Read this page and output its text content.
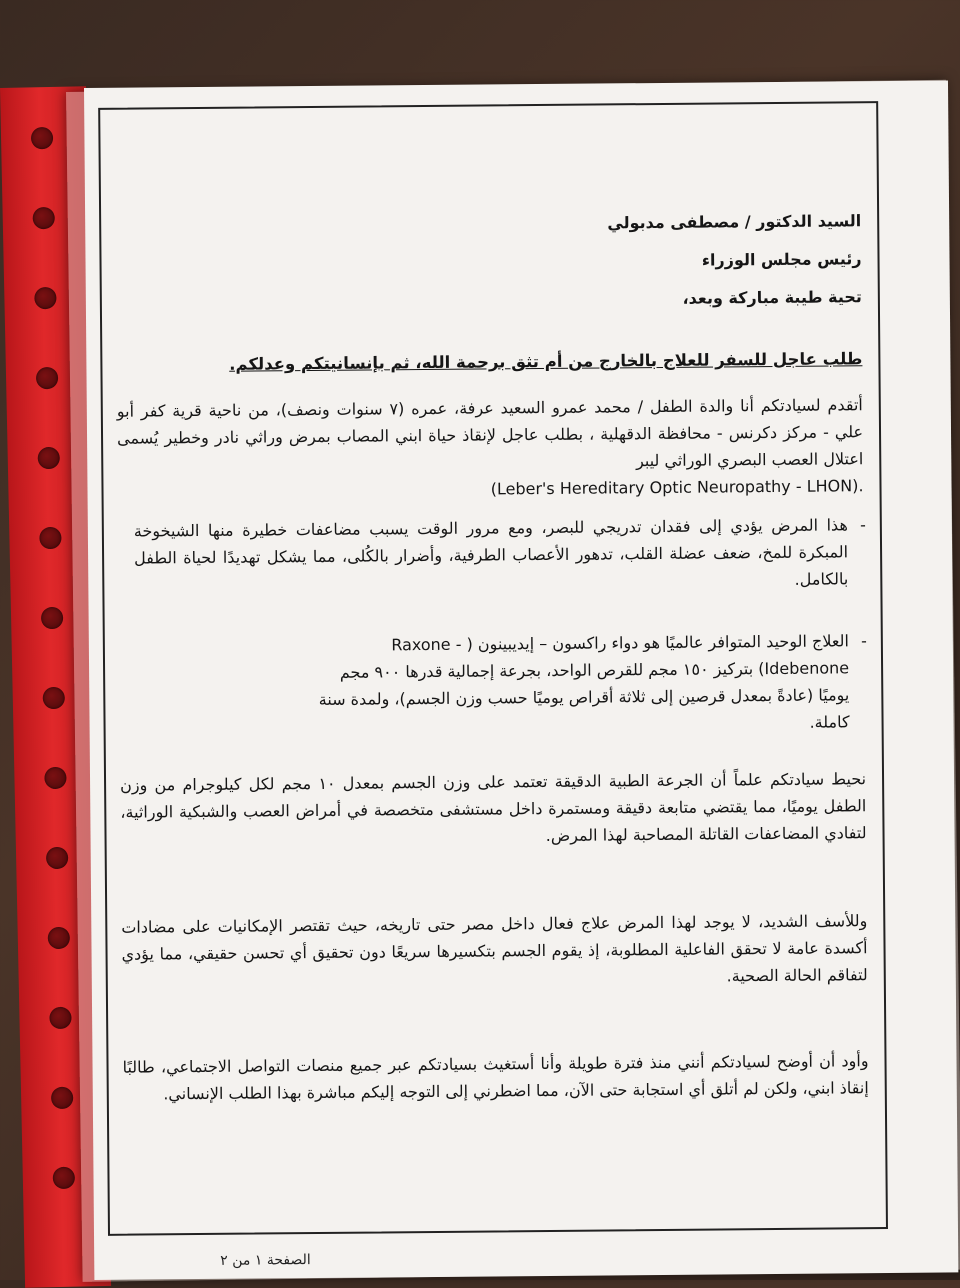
السيد الدكتور / مصطفى مدبولي
رئيس مجلس الوزراء
تحية طيبة مباركة وبعد،
طلب عاجل للسفر للعلاج بالخارج من أم تثق برحمة الله، ثم بإنسانيتكم وعدلكم.
أتقدم لسيادتكم أنا والدة الطفل / محمد عمرو السعيد عرفة، عمره (٧ سنوات ونصف)، من ناحية قرية كفر أبو علي - مركز دكرنس - محافظة الدقهلية ، بطلب عاجل لإنقاذ حياة ابني المصاب بمرض وراثي نادر وخطير يُسمى اعتلال العصب البصري الوراثي ليبر
(Leber's Hereditary Optic Neuropathy - LHON).
-
هذا المرض يؤدي إلى فقدان تدريجي للبصر، ومع مرور الوقت يسبب مضاعفات خطيرة منها الشيخوخة المبكرة للمخ، ضعف عضلة القلب، تدهور الأعصاب الطرفية، وأضرار بالكُلى، مما يشكل تهديدًا لحياة الطفل بالكامل.
-
العلاج الوحيد المتوافر عالميًا هو دواء راكسون – إيديبينون ( - Raxone
Idebenone) بتركيز ١٥٠ مجم للقرص الواحد، بجرعة إجمالية قدرها ٩٠٠ مجم
يوميًا (عادةً بمعدل قرصين إلى ثلاثة أقراص يوميًا حسب وزن الجسم)، ولمدة سنة
كاملة.
نحيط سيادتكم علماً أن الجرعة الطبية الدقيقة تعتمد على وزن الجسم بمعدل ١٠ مجم لكل كيلوجرام من وزن الطفل يوميًا، مما يقتضي متابعة دقيقة ومستمرة داخل مستشفى متخصصة في أمراض العصب والشبكية الوراثية، لتفادي المضاعفات القاتلة المصاحبة لهذا المرض.
وللأسف الشديد، لا يوجد لهذا المرض علاج فعال داخل مصر حتى تاريخه، حيث تقتصر الإمكانيات على مضادات أكسدة عامة لا تحقق الفاعلية المطلوبة، إذ يقوم الجسم بتكسيرها سريعًا دون تحقيق أي تحسن حقيقي، مما يؤدي لتفاقم الحالة الصحية.
وأود أن أوضح لسيادتكم أنني منذ فترة طويلة وأنا أستغيث بسيادتكم عبر جميع منصات التواصل الاجتماعي، طالبًا إنقاذ ابني، ولكن لم أتلق أي استجابة حتى الآن، مما اضطرني إلى التوجه إليكم مباشرة بهذا الطلب الإنساني.
الصفحة ١ من ٢
